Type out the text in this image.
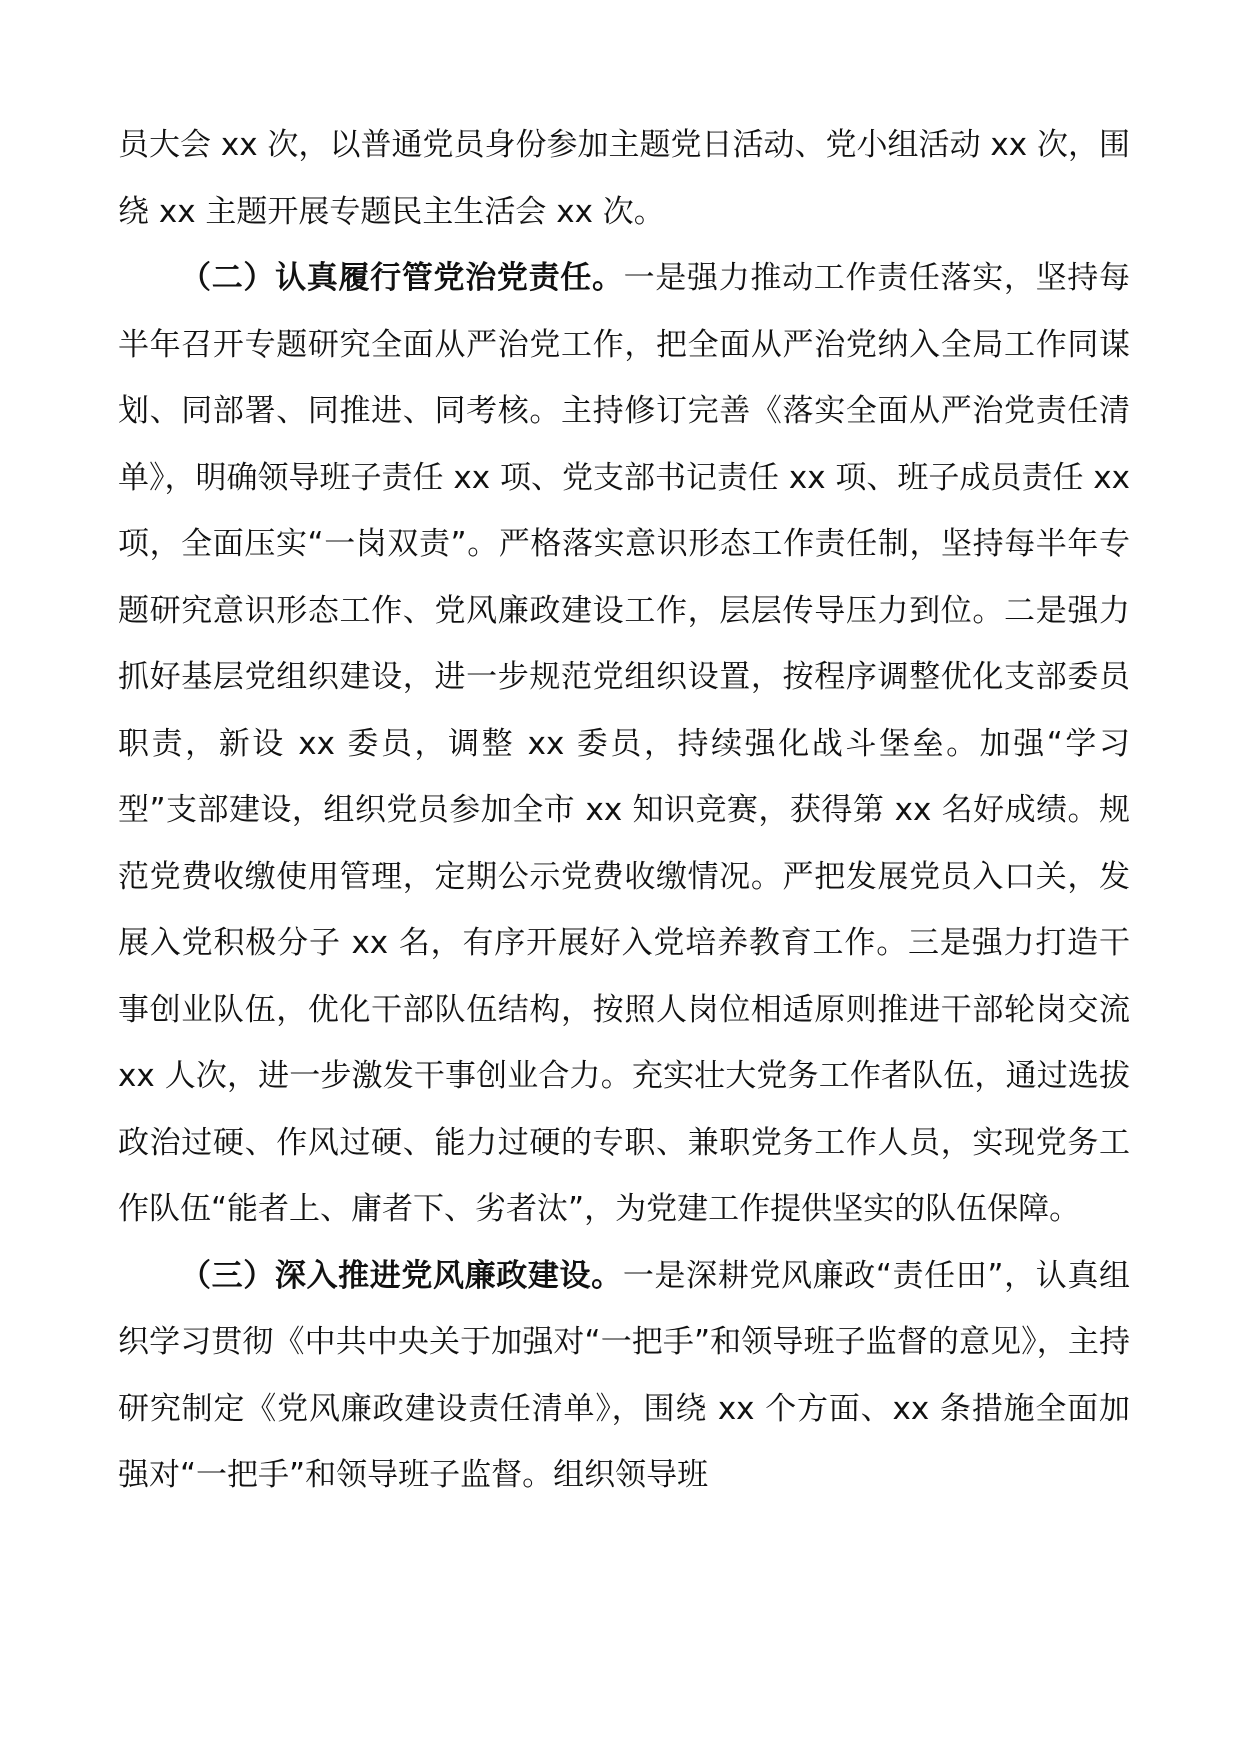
员大会 xx 次，以普通党员身份参加主题党日活动、党小组活动 xx 次，围绕 xx 主题开展专题民主生活会 xx 次。

（二）认真履行管党治党责任。一是强力推动工作责任落实，坚持每半年召开专题研究全面从严治党工作，把全面从严治党纳入全局工作同谋划、同部署、同推进、同考核。主持修订完善《落实全面从严治党责任清单》，明确领导班子责任 xx 项、党支部书记责任 xx 项、班子成员责任 xx 项，全面压实“一岗双责”。严格落实意识形态工作责任制，坚持每半年专题研究意识形态工作、党风廉政建设工作，层层传导压力到位。二是强力抓好基层党组织建设，进一步规范党组织设置，按程序调整优化支部委员职责，新设 xx 委员，调整 xx 委员，持续强化战斗堡垒。加强“学习型”支部建设，组织党员参加全市 xx 知识竞赛，获得第 xx 名好成绩。规范党费收缴使用管理，定期公示党费收缴情况。严把发展党员入口关，发展入党积极分子 xx 名，有序开展好入党培养教育工作。三是强力打造干事创业队伍，优化干部队伍结构，按照人岗位相适原则推进干部轮岗交流 xx 人次，进一步激发干事创业合力。充实壮大党务工作者队伍，通过选拔政治过硬、作风过硬、能力过硬的专职、兼职党务工作人员，实现党务工作队伍“能者上、庸者下、劣者汰”，为党建工作提供坚实的队伍保障。

（三）深入推进党风廉政建设。一是深耕党风廉政“责任田”，认真组织学习贯彻《中共中央关于加强对“一把手”和领导班子监督的意见》，主持研究制定《党风廉政建设责任清单》，围绕 xx 个方面、xx 条措施全面加强对“一把手”和领导班子监督。组织领导班
